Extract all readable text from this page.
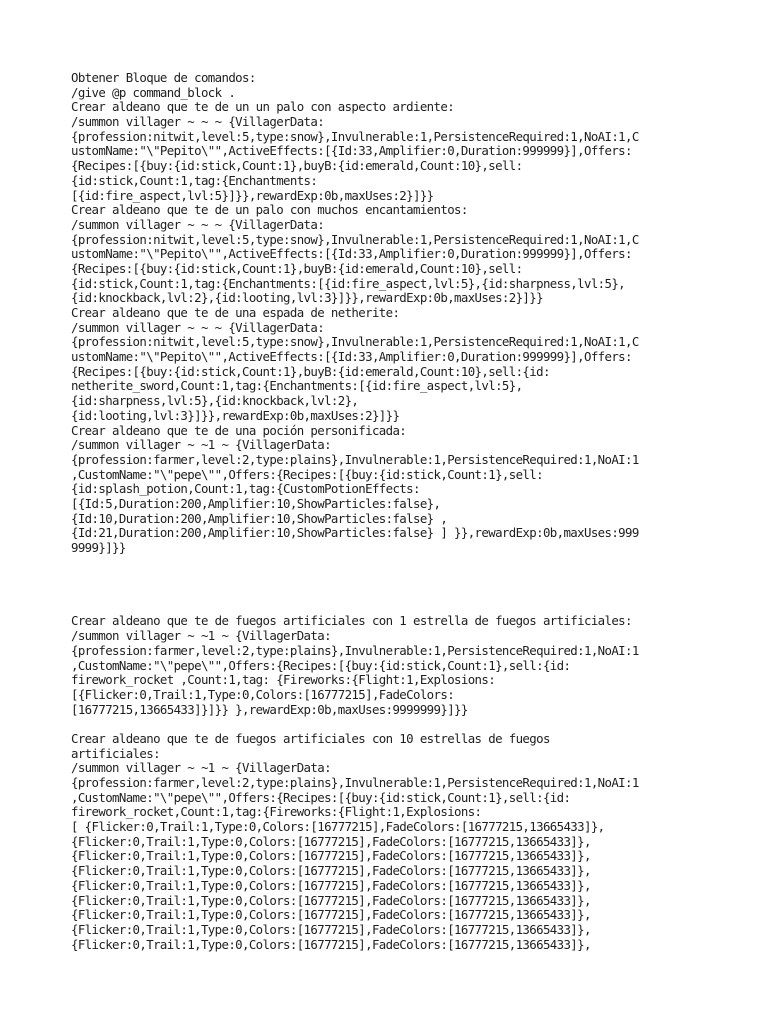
Obtener Bloque de comandos:
/give @p command_block .
Crear aldeano que te de un un palo con aspecto ardiente:
/summon villager ~ ~ ~ {VillagerData:
{profession:nitwit,level:5,type:snow},Invulnerable:1,PersistenceRequired:1,NoAI:1,C
ustomName:"\"Pepito\"",ActiveEffects:[{Id:33,Amplifier:0,Duration:999999}],Offers:
{Recipes:[{buy:{id:stick,Count:1},buyB:{id:emerald,Count:10},sell:
{id:stick,Count:1,tag:{Enchantments:
[{id:fire_aspect,lvl:5}]}},rewardExp:0b,maxUses:2}]}}
Crear aldeano que te de un palo con muchos encantamientos:
/summon villager ~ ~ ~ {VillagerData:
{profession:nitwit,level:5,type:snow},Invulnerable:1,PersistenceRequired:1,NoAI:1,C
ustomName:"\"Pepito\"",ActiveEffects:[{Id:33,Amplifier:0,Duration:999999}],Offers:
{Recipes:[{buy:{id:stick,Count:1},buyB:{id:emerald,Count:10},sell:
{id:stick,Count:1,tag:{Enchantments:[{id:fire_aspect,lvl:5},{id:sharpness,lvl:5},
{id:knockback,lvl:2},{id:looting,lvl:3}]}},rewardExp:0b,maxUses:2}]}}
Crear aldeano que te de una espada de netherite:
/summon villager ~ ~ ~ {VillagerData:
{profession:nitwit,level:5,type:snow},Invulnerable:1,PersistenceRequired:1,NoAI:1,C
ustomName:"\"Pepito\"",ActiveEffects:[{Id:33,Amplifier:0,Duration:999999}],Offers:
{Recipes:[{buy:{id:stick,Count:1},buyB:{id:emerald,Count:10},sell:{id:
netherite_sword,Count:1,tag:{Enchantments:[{id:fire_aspect,lvl:5},
{id:sharpness,lvl:5},{id:knockback,lvl:2},
{id:looting,lvl:3}]}},rewardExp:0b,maxUses:2}]}}
Crear aldeano que te de una poción personificada:
/summon villager ~ ~1 ~ {VillagerData:
{profession:farmer,level:2,type:plains},Invulnerable:1,PersistenceRequired:1,NoAI:1
,CustomName:"\"pepe\"",Offers:{Recipes:[{buy:{id:stick,Count:1},sell:
{id:splash_potion,Count:1,tag:{CustomPotionEffects:
[{Id:5,Duration:200,Amplifier:10,ShowParticles:false},
{Id:10,Duration:200,Amplifier:10,ShowParticles:false} ,
{Id:21,Duration:200,Amplifier:10,ShowParticles:false} ] }},rewardExp:0b,maxUses:999
9999}]}}
Crear aldeano que te de fuegos artificiales con 1 estrella de fuegos artificiales:
/summon villager ~ ~1 ~ {VillagerData:
{profession:farmer,level:2,type:plains},Invulnerable:1,PersistenceRequired:1,NoAI:1
,CustomName:"\"pepe\"",Offers:{Recipes:[{buy:{id:stick,Count:1},sell:{id:
firework_rocket ,Count:1,tag: {Fireworks:{Flight:1,Explosions:
[{Flicker:0,Trail:1,Type:0,Colors:[16777215],FadeColors:
[16777215,13665433]}]}} },rewardExp:0b,maxUses:9999999}]}}
Crear aldeano que te de fuegos artificiales con 10 estrellas de fuegos
artificiales:
/summon villager ~ ~1 ~ {VillagerData:
{profession:farmer,level:2,type:plains},Invulnerable:1,PersistenceRequired:1,NoAI:1
,CustomName:"\"pepe\"",Offers:{Recipes:[{buy:{id:stick,Count:1},sell:{id:
firework_rocket,Count:1,tag:{Fireworks:{Flight:1,Explosions:
[ {Flicker:0,Trail:1,Type:0,Colors:[16777215],FadeColors:[16777215,13665433]},
{Flicker:0,Trail:1,Type:0,Colors:[16777215],FadeColors:[16777215,13665433]},
{Flicker:0,Trail:1,Type:0,Colors:[16777215],FadeColors:[16777215,13665433]},
{Flicker:0,Trail:1,Type:0,Colors:[16777215],FadeColors:[16777215,13665433]},
{Flicker:0,Trail:1,Type:0,Colors:[16777215],FadeColors:[16777215,13665433]},
{Flicker:0,Trail:1,Type:0,Colors:[16777215],FadeColors:[16777215,13665433]},
{Flicker:0,Trail:1,Type:0,Colors:[16777215],FadeColors:[16777215,13665433]},
{Flicker:0,Trail:1,Type:0,Colors:[16777215],FadeColors:[16777215,13665433]},
{Flicker:0,Trail:1,Type:0,Colors:[16777215],FadeColors:[16777215,13665433]},
